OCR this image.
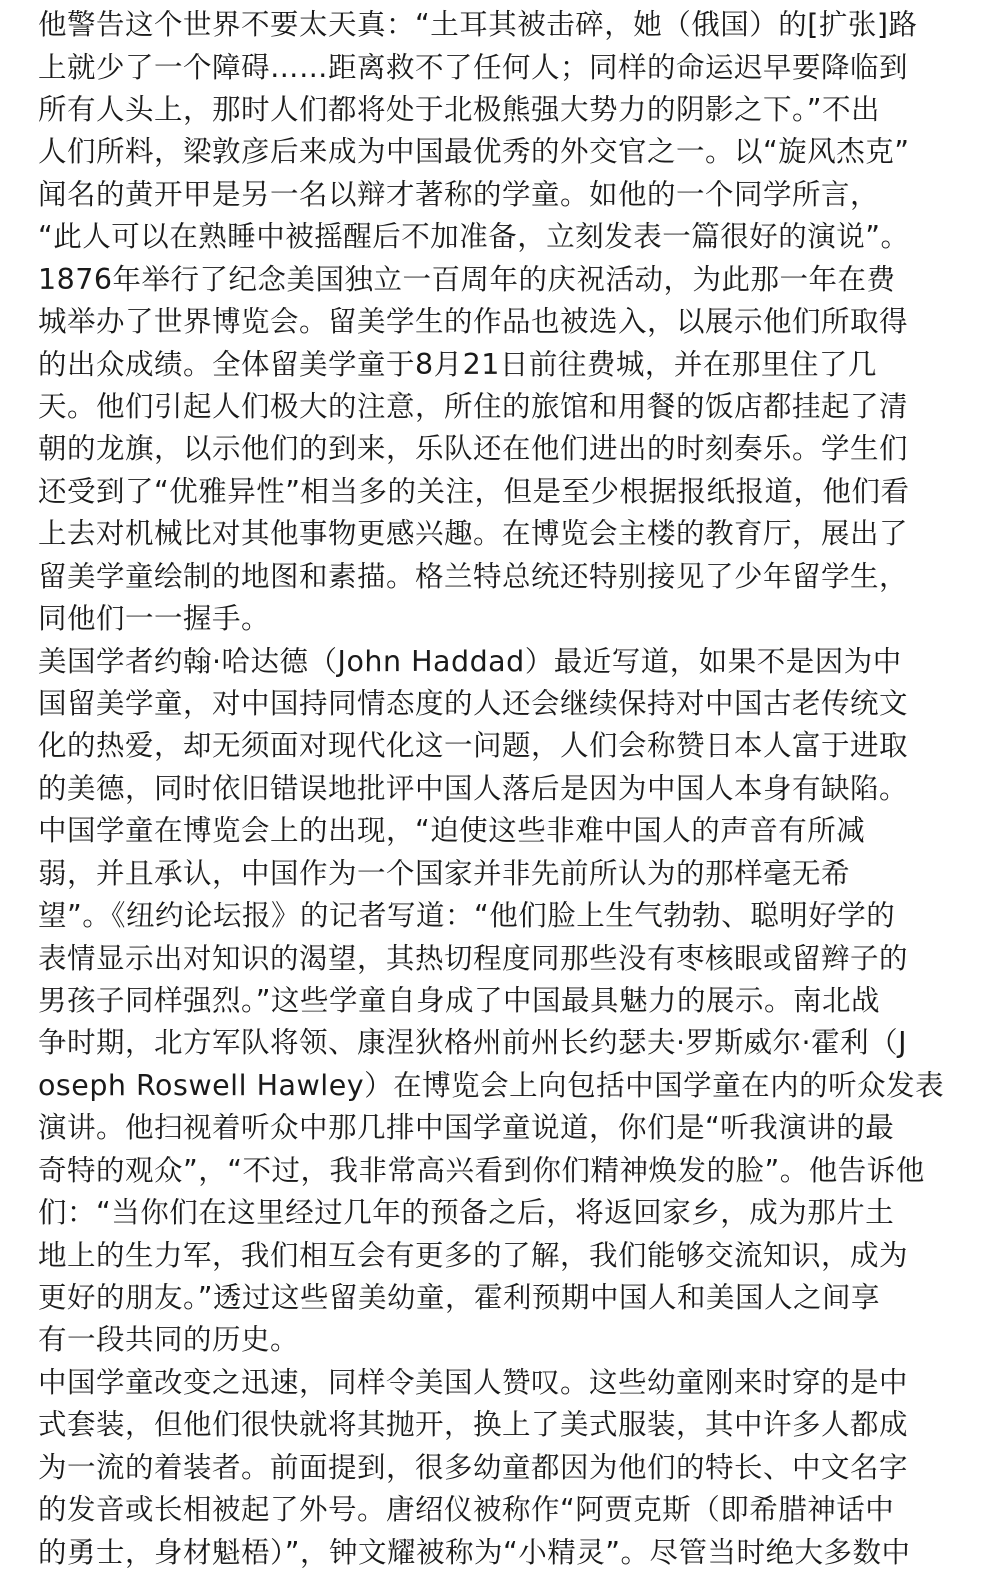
他警告这个世界不要太天真：“土耳其被击碎，她（俄国）的[扩张]路
上就少了一个障碍……距离救不了任何人；同样的命运迟早要降临到
所有人头上，那时人们都将处于北极熊强大势力的阴影之下。”不出
人们所料，梁敦彦后来成为中国最优秀的外交官之一。以“旋风杰克”
闻名的黄开甲是另一名以辩才著称的学童。如他的一个同学所言，
“此人可以在熟睡中被摇醒后不加准备，立刻发表一篇很好的演说”。
1876年举行了纪念美国独立一百周年的庆祝活动，为此那一年在费
城举办了世界博览会。留美学生的作品也被选入，以展示他们所取得
的出众成绩。全体留美学童于8月21日前往费城，并在那里住了几
天。他们引起人们极大的注意，所住的旅馆和用餐的饭店都挂起了清
朝的龙旗，以示他们的到来，乐队还在他们进出的时刻奏乐。学生们
还受到了“优雅异性”相当多的关注，但是至少根据报纸报道，他们看
上去对机械比对其他事物更感兴趣。在博览会主楼的教育厅，展出了
留美学童绘制的地图和素描。格兰特总统还特别接见了少年留学生，
同他们一一握手。
美国学者约翰·哈达德（John Haddad）最近写道，如果不是因为中
国留美学童，对中国持同情态度的人还会继续保持对中国古老传统文
化的热爱，却无须面对现代化这一问题，人们会称赞日本人富于进取
的美德，同时依旧错误地批评中国人落后是因为中国人本身有缺陷。
中国学童在博览会上的出现，“迫使这些非难中国人的声音有所减
弱，并且承认，中国作为一个国家并非先前所认为的那样毫无希
望”。《纽约论坛报》的记者写道：“他们脸上生气勃勃、聪明好学的
表情显示出对知识的渴望，其热切程度同那些没有枣核眼或留辫子的
男孩子同样强烈。”这些学童自身成了中国最具魅力的展示。南北战
争时期，北方军队将领、康涅狄格州前州长约瑟夫·罗斯威尔·霍利（J
oseph Roswell Hawley）在博览会上向包括中国学童在内的听众发表
演讲。他扫视着听众中那几排中国学童说道，你们是“听我演讲的最
奇特的观众”，“不过，我非常高兴看到你们精神焕发的脸”。他告诉他
们：“当你们在这里经过几年的预备之后，将返回家乡，成为那片土
地上的生力军，我们相互会有更多的了解，我们能够交流知识，成为
更好的朋友。”透过这些留美幼童，霍利预期中国人和美国人之间享
有一段共同的历史。
中国学童改变之迅速，同样令美国人赞叹。这些幼童刚来时穿的是中
式套装，但他们很快就将其抛开，换上了美式服装，其中许多人都成
为一流的着装者。前面提到，很多幼童都因为他们的特长、中文名字
的发音或长相被起了外号。唐绍仪被称作“阿贾克斯（即希腊神话中
的勇士，身材魁梧）”，钟文耀被称为“小精灵”。尽管当时绝大多数中
